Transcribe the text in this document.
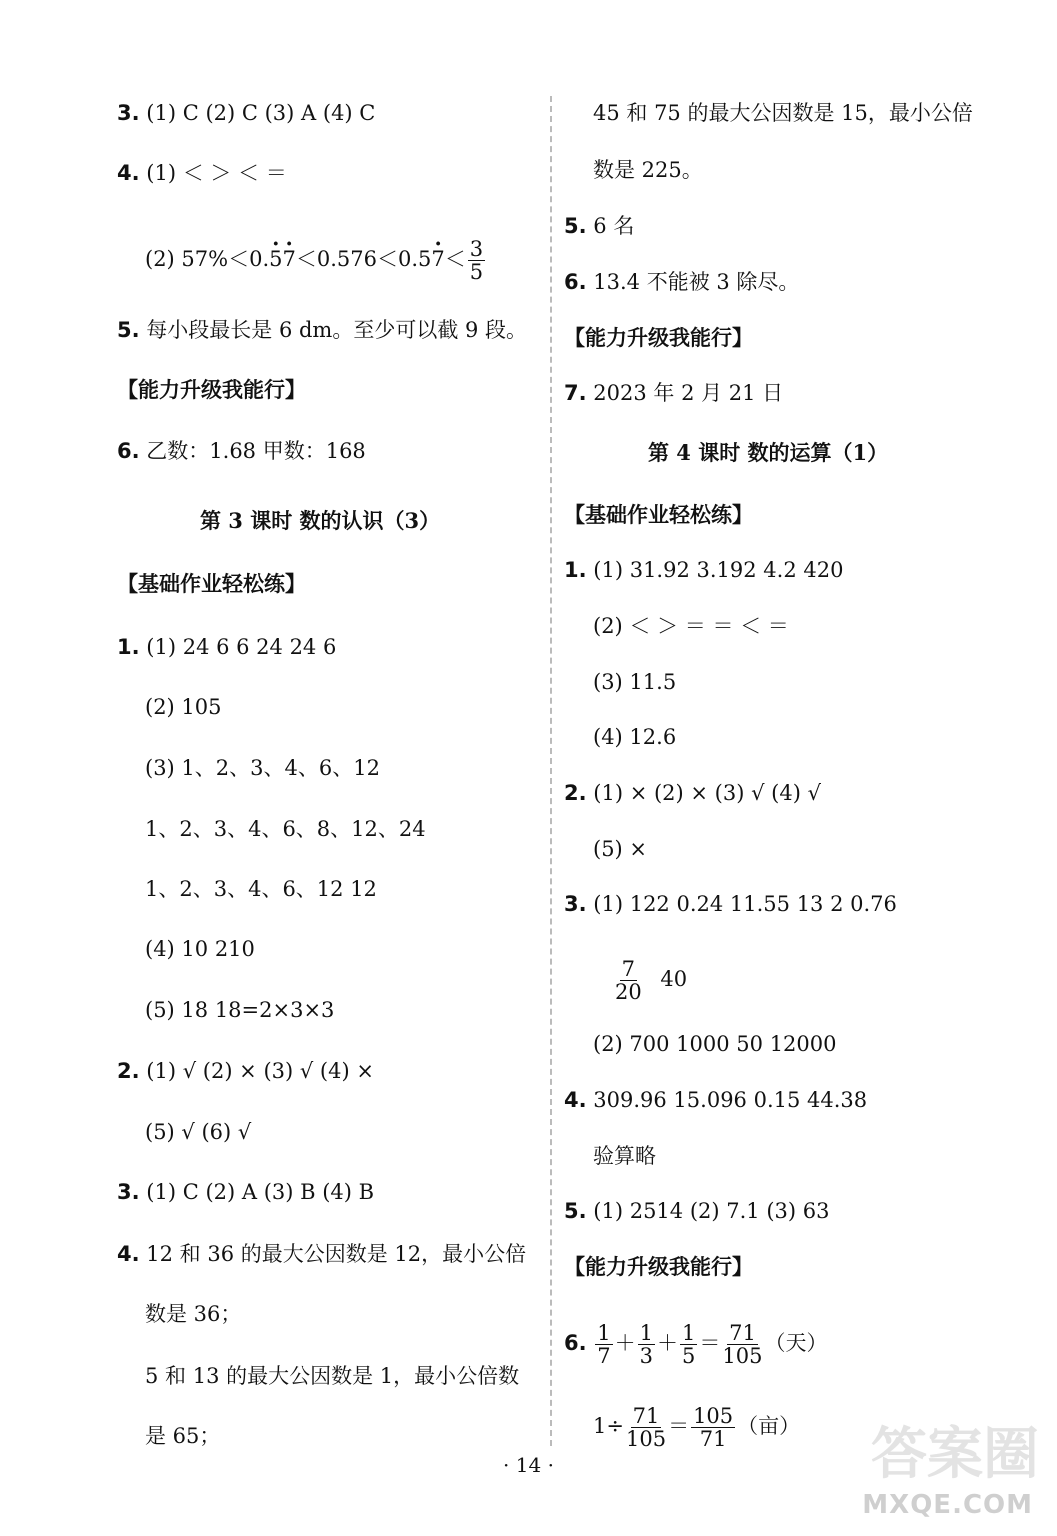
3. (1) C (2) C (3) A (4) C
4. (1) ＜ ＞ ＜ ＝
(2) $57\%<0.\cdot 5\cdot 7<0.576<0.5\cdot 7< \frac{3}{5}$
5. 每小段最长是 6 dm。至少可以截 9 段。
【能力升级我能行】
6. 乙数：1.68 甲数：168
第 3 课时 数的认识（3）
【基础作业轻松练】
1. (1) 24 6 6 24 24 6
(2) 105
(3) 1、2、3、4、6、12
1、2、3、4、6、8、12、24
1、2、3、4、6、12 12
(4) 10 210
(5) 18 18=2×3×3
2. (1) √ (2) × (3) √ (4) ×
(5) √ (6) √
3. (1) C (2) A (3) B (4) B
4. 12 和 36 的最大公因数是 12，最小公倍
数是 36；
5 和 13 的最大公因数是 1，最小公倍数
是 65；
45 和 75 的最大公因数是 15，最小公倍
数是 225。
5. 6 名
6. 13.4 不能被 3 除尽。
【能力升级我能行】
7. 2023 年 2 月 21 日
第 4 课时 数的运算（1）
【基础作业轻松练】
1. (1) 31.92 3.192 4.2 420
(2) ＜ ＞ ＝ ＝ ＜ ＝
(3) 11.5
(4) 12.6
2. (1) × (2) × (3) √ (4) √
(5) ×
3. (1) 122 0.24 11.55 13 2 0.76
$\frac{7}{20} 40$
(2) 700 1000 50 12000
4. 309.96 15.096 0.15 44.38
验算略
5. (1) 2514 (2) 7.1 (3) 63
【能力升级我能行】
6. $\frac{1}{7} + \frac{1}{3} + \frac{1}{5} = \frac{71}{105}$ （天）
$1\div \frac{71}{105} = \frac{105}{71}$ （亩）
· 14 ·	答案圈
MXQE.COM
